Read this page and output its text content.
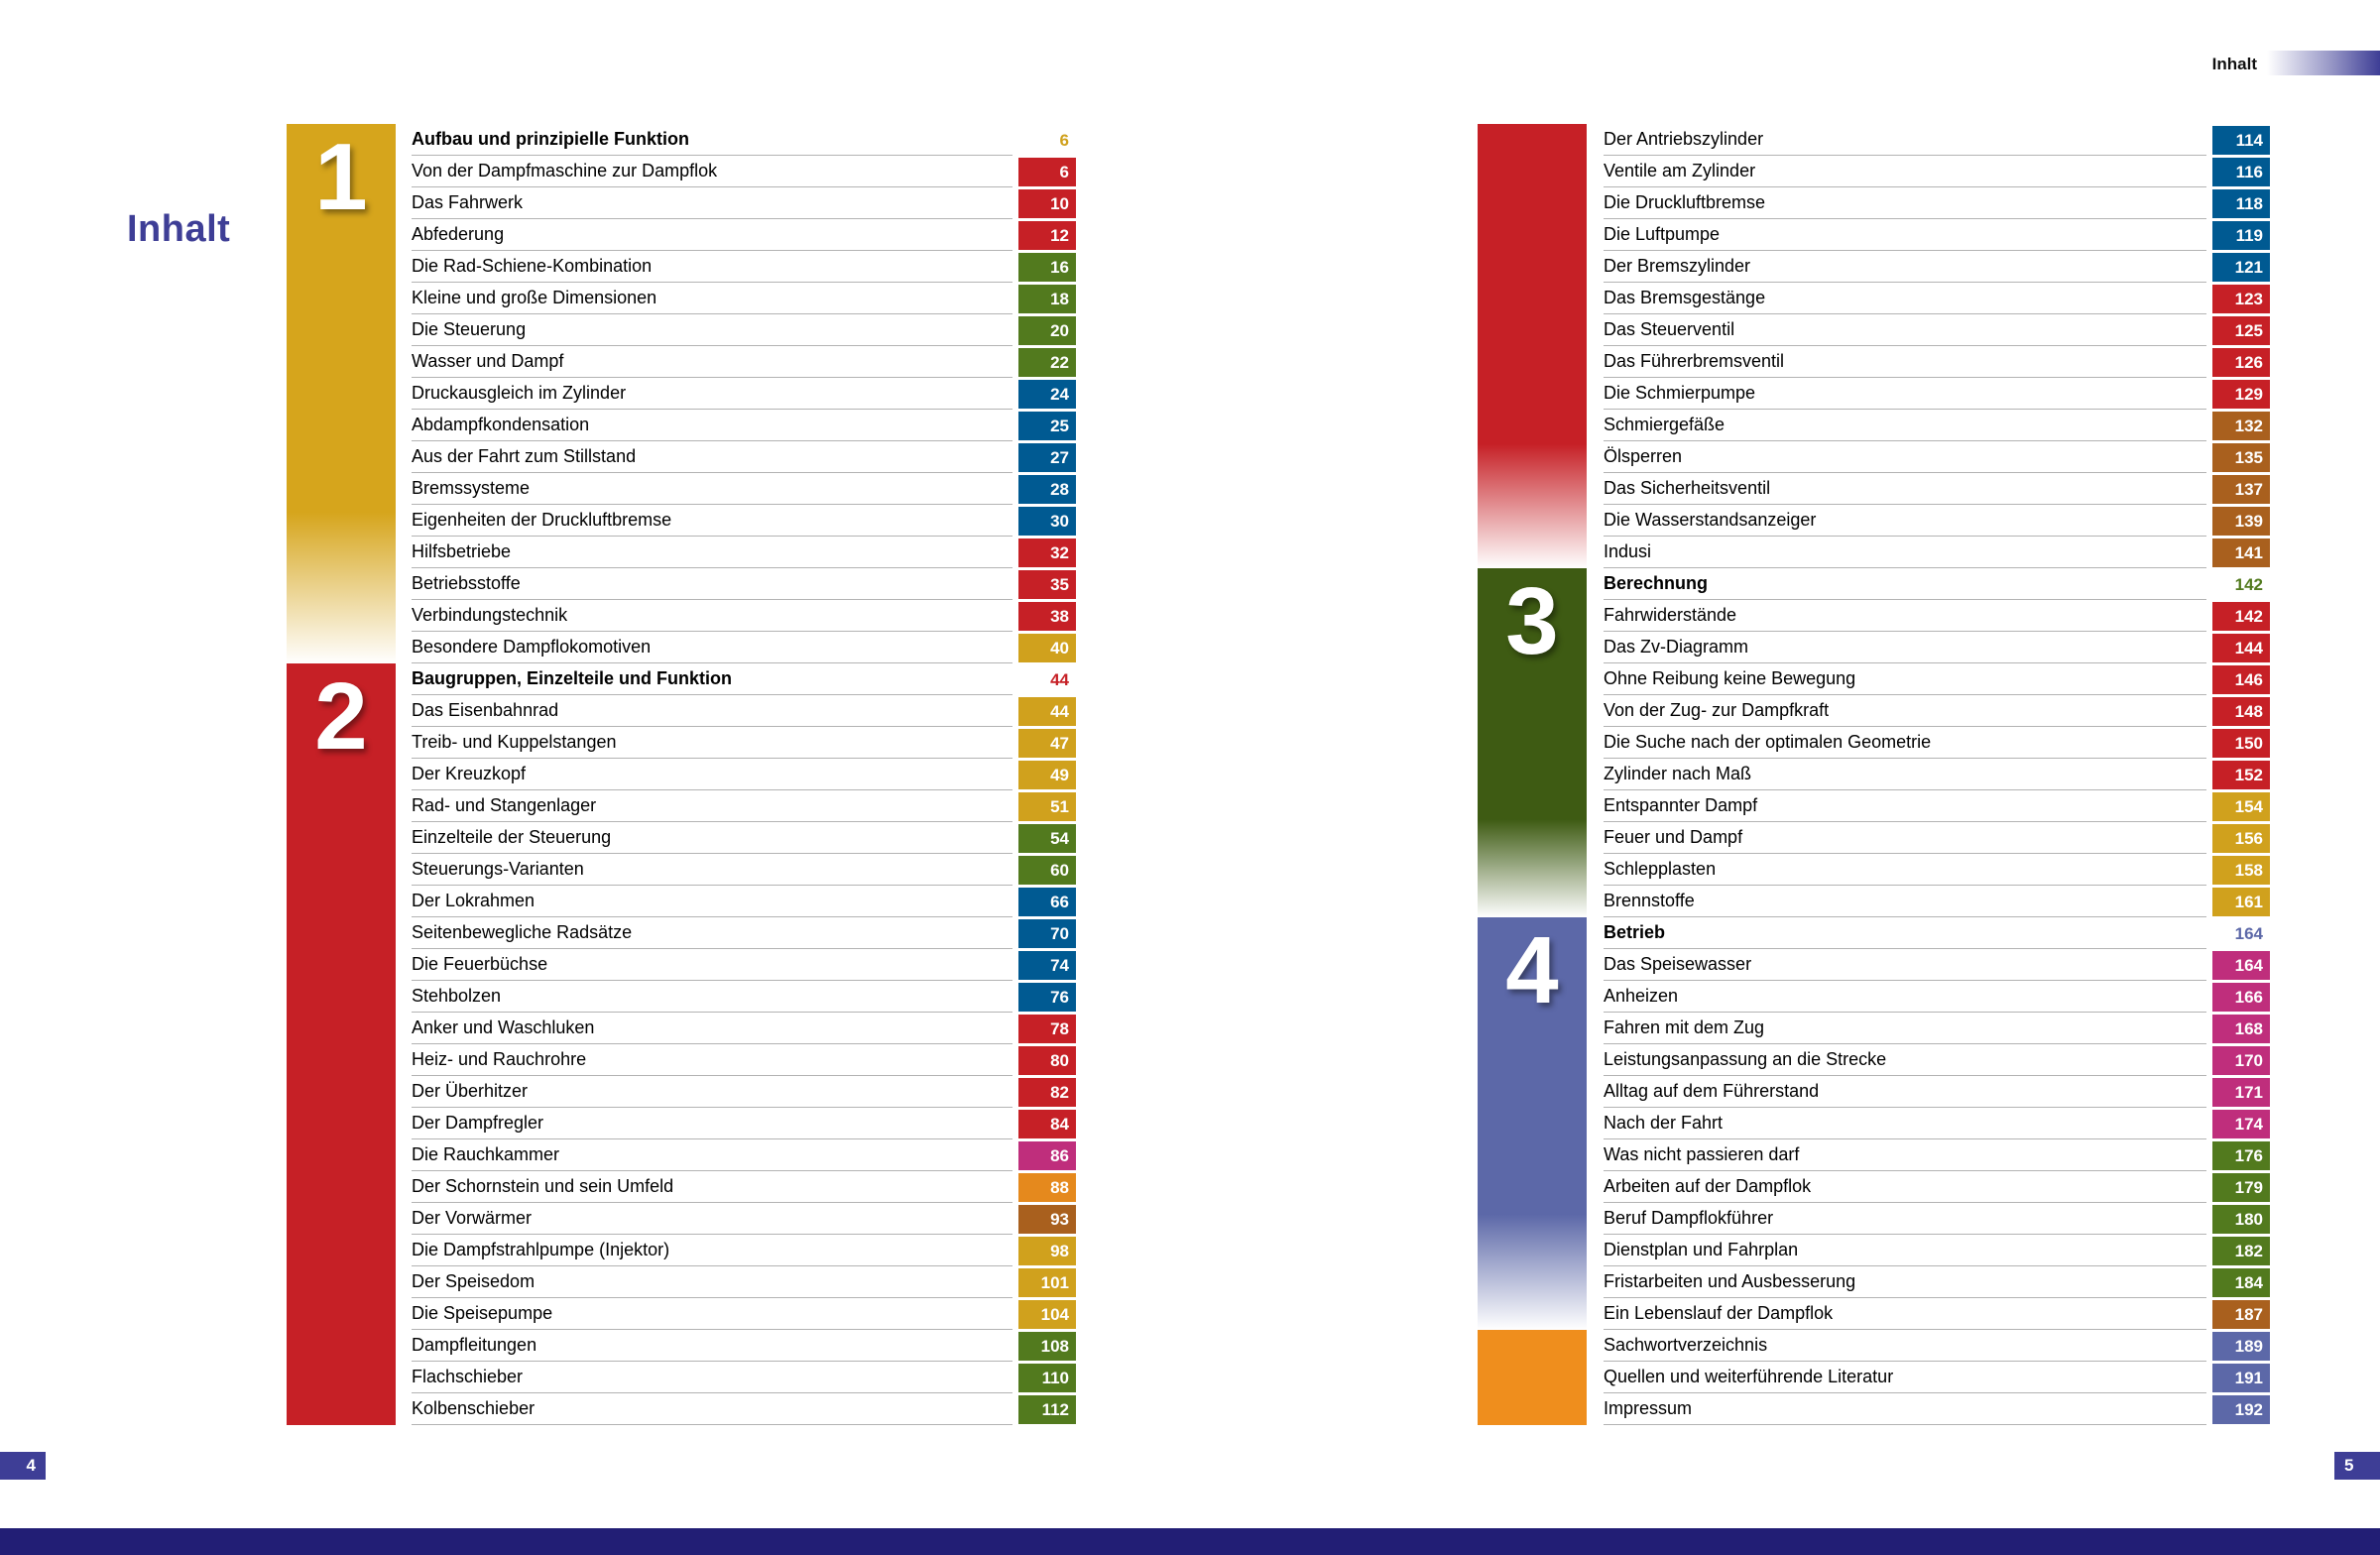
Inhalt
Inhalt
1
2
Aufbau und prinzipielle Funktion	6
Von der Dampfmaschine zur Dampflok	6
Das Fahrwerk	10
Abfederung	12
Die Rad-Schiene-Kombination	16
Kleine und große Dimensionen	18
Die Steuerung	20
Wasser und Dampf	22
Druckausgleich im Zylinder	24
Abdampfkondensation	25
Aus der Fahrt zum Stillstand	27
Bremssysteme	28
Eigenheiten der Druckluftbremse	30
Hilfsbetriebe	32
Betriebsstoffe	35
Verbindungstechnik	38
Besondere Dampflokomotiven	40
Baugruppen, Einzelteile und Funktion	44
Das Eisenbahnrad	44
Treib- und Kuppelstangen	47
Der Kreuzkopf	49
Rad- und Stangenlager	51
Einzelteile der Steuerung	54
Steuerungs-Varianten	60
Der Lokrahmen	66
Seitenbewegliche Radsätze	70
Die Feuerbüchse	74
Stehbolzen	76
Anker und Waschluken	78
Heiz- und Rauchrohre	80
Der Überhitzer	82
Der Dampfregler	84
Die Rauchkammer	86
Der Schornstein und sein Umfeld	88
Der Vorwärmer	93
Die Dampfstrahlpumpe (Injektor)	98
Der Speisedom	101
Die Speisepumpe	104
Dampfleitungen	108
Flachschieber	110
Kolbenschieber	112
3
4
Der Antriebszylinder	114
Ventile am Zylinder	116
Die Druckluftbremse	118
Die Luftpumpe	119
Der Bremszylinder	121
Das Bremsgestänge	123
Das Steuerventil	125
Das Führerbremsventil	126
Die Schmierpumpe	129
Schmiergefäße	132
Ölsperren	135
Das Sicherheitsventil	137
Die Wasserstandsanzeiger	139
Indusi	141
Berechnung	142
Fahrwiderstände	142
Das Zv-Diagramm	144
Ohne Reibung keine Bewegung	146
Von der Zug- zur Dampfkraft	148
Die Suche nach der optimalen Geometrie	150
Zylinder nach Maß	152
Entspannter Dampf	154
Feuer und Dampf	156
Schlepplasten	158
Brennstoffe	161
Betrieb	164
Das Speisewasser	164
Anheizen	166
Fahren mit dem Zug	168
Leistungsanpassung an die Strecke	170
Alltag auf dem Führerstand	171
Nach der Fahrt	174
Was nicht passieren darf	176
Arbeiten auf der Dampflok	179
Beruf Dampflokführer	180
Dienstplan und Fahrplan	182
Fristarbeiten und Ausbesserung	184
Ein Lebenslauf der Dampflok	187
Sachwortverzeichnis	189
Quellen und weiterführende Literatur	191
Impressum	192
4	5
